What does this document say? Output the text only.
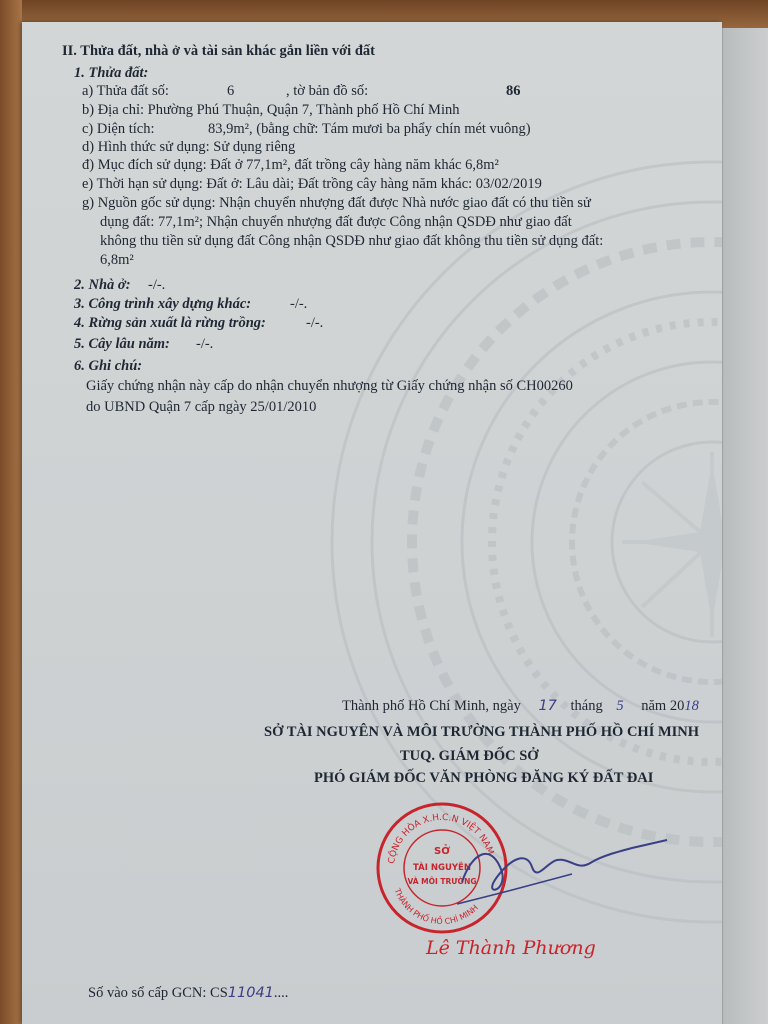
II. Thửa đất, nhà ở và tài sản khác gắn liền với đất
1. Thửa đất:
a) Thửa đất số:	6	, tờ bản đồ số:	86
b) Địa chỉ: Phường Phú Thuận, Quận 7, Thành phố Hồ Chí Minh
c) Diện tích:	83,9m², (bằng chữ: Tám mươi ba phẩy chín mét vuông)
d) Hình thức sử dụng: Sử dụng riêng
đ) Mục đích sử dụng: Đất ở 77,1m², đất trồng cây hàng năm khác 6,8m²
e) Thời hạn sử dụng: Đất ở: Lâu dài; Đất trồng cây hàng năm khác: 03/02/2019
g) Nguồn gốc sử dụng: Nhận chuyển nhượng đất được Nhà nước giao đất có thu tiền sử
dụng đất: 77,1m²; Nhận chuyển nhượng đất được Công nhận QSDĐ như giao đất
không thu tiền sử dụng đất Công nhận QSDĐ như giao đất không thu tiền sử dụng đất:
6,8m²
2. Nhà ở: -/-.
3. Công trình xây dựng khác:	-/-.
4. Rừng sản xuất là rừng trồng:	-/-.
5. Cây lâu năm: -/-.
6. Ghi chú:
Giấy chứng nhận này cấp do nhận chuyển nhượng từ Giấy chứng nhận số CH00260
do UBND Quận 7 cấp ngày 25/01/2010
Thành phố Hồ Chí Minh, ngày 17 tháng 5 năm 2018
SỞ TÀI NGUYÊN VÀ MÔI TRƯỜNG THÀNH PHỐ HỒ CHÍ MINH
TUQ. GIÁM ĐỐC SỞ
PHÓ GIÁM ĐỐC VĂN PHÒNG ĐĂNG KÝ ĐẤT ĐAI
CỘNG HÒA X.H.C.N VIỆT NAM
THÀNH PHỐ HỒ CHÍ MINH
SỞ
TÀI NGUYÊN
VÀ MÔI TRƯỜNG
Lê Thành Phương
Số vào sổ cấp GCN: CS11041....
